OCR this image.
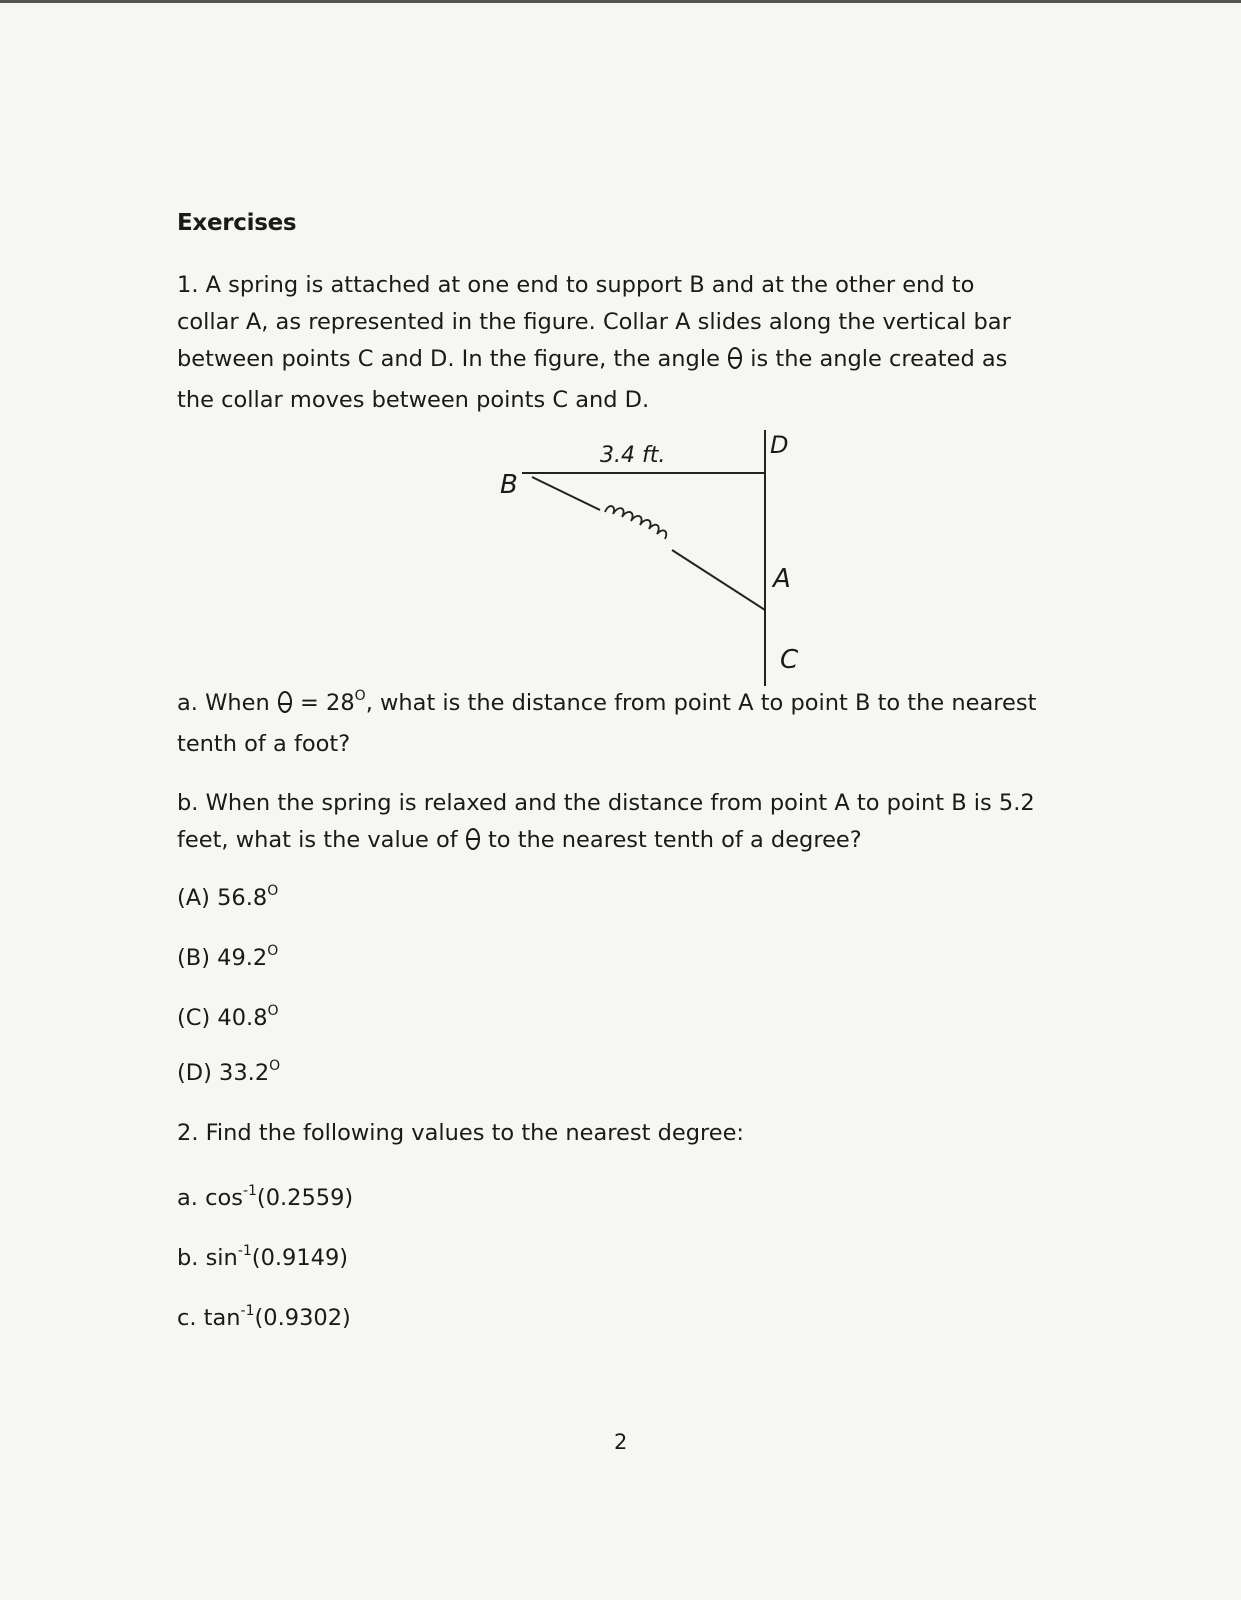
Exercises
1. A spring is attached at one end to support B and at the other end to
collar A, as represented in the figure. Collar A slides along the vertical bar
between points C and D. In the figure, the angle is the angle created as
the collar moves between points C and D.
3.4 ft.
B
D
A
C
a. When = $28^O$, what is the distance from point A to point B to the nearest
tenth of a foot?
b. When the spring is relaxed and the distance from point A to point B is 5.2
feet, what is the value of to the nearest tenth of a degree?
(A) $56.8^O$
(B) $49.2^O$
(C) $40.8^O$
(D) $33.2^O$
2. Find the following values to the nearest degree:
a. $\cos^{-1}(0.2559)$
b. $\sin^{-1}(0.9149)$
c. $\tan^{-1}(0.9302)$
2
